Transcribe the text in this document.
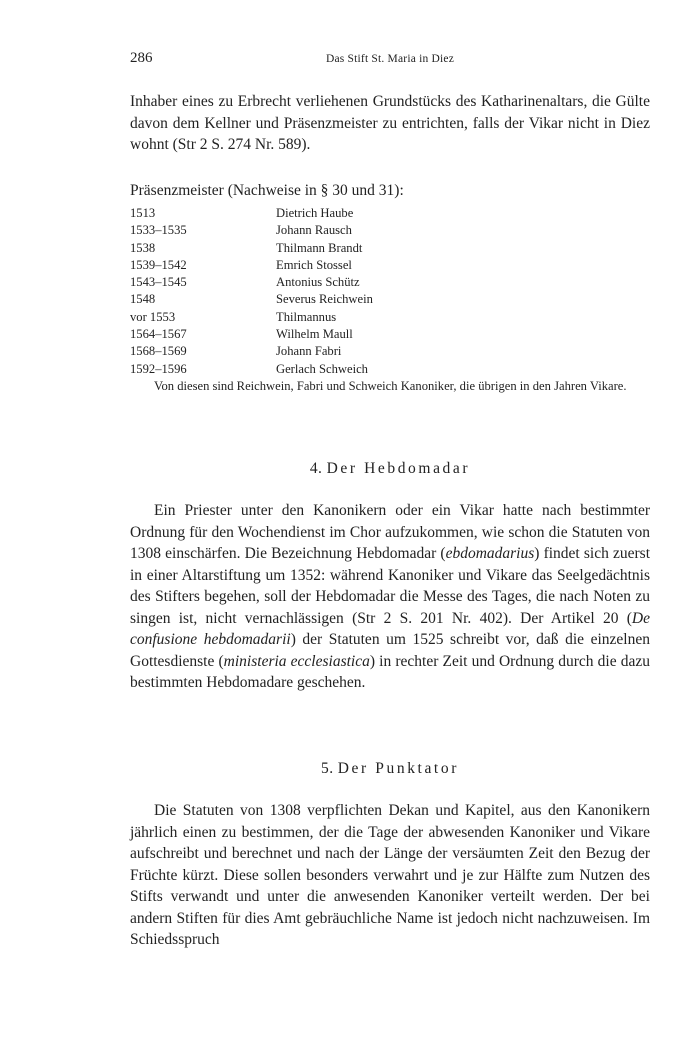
286	Das Stift St. Maria in Diez

Inhaber eines zu Erbrecht verliehenen Grundstücks des Katharinenaltars, die Gülte davon dem Kellner und Präsenzmeister zu entrichten, falls der Vikar nicht in Diez wohnt (Str 2 S. 274 Nr. 589).

Präsenzmeister (Nachweise in § 30 und 31):
1513	Dietrich Haube
1533–1535	Johann Rausch
1538	Thilmann Brandt
1539–1542	Emrich Stossel
1543–1545	Antonius Schütz
1548	Severus Reichwein
vor 1553	Thilmannus
1564–1567	Wilhelm Maull
1568–1569	Johann Fabri
1592–1596	Gerlach Schweich
Von diesen sind Reichwein, Fabri und Schweich Kanoniker, die übrigen in den Jahren Vikare.
4. Der Hebdomadar

Ein Priester unter den Kanonikern oder ein Vikar hatte nach bestimmter Ordnung für den Wochendienst im Chor aufzukommen, wie schon die Statuten von 1308 einschärfen. Die Bezeichnung Hebdomadar (ebdomadarius) findet sich zuerst in einer Altarstiftung um 1352: während Kanoniker und Vikare das Seelgedächtnis des Stifters begehen, soll der Hebdomadar die Messe des Tages, die nach Noten zu singen ist, nicht vernachlässigen (Str 2 S. 201 Nr. 402). Der Artikel 20 (De confusione hebdomadarii) der Statuten um 1525 schreibt vor, daß die einzelnen Gottesdienste (ministeria ecclesiastica) in rechter Zeit und Ordnung durch die dazu bestimmten Hebdomadare geschehen.

5. Der Punktator

Die Statuten von 1308 verpflichten Dekan und Kapitel, aus den Kanonikern jährlich einen zu bestimmen, der die Tage der abwesenden Kanoniker und Vikare aufschreibt und berechnet und nach der Länge der versäumten Zeit den Bezug der Früchte kürzt. Diese sollen besonders verwahrt und je zur Hälfte zum Nutzen des Stifts verwandt und unter die anwesenden Kanoniker verteilt werden. Der bei andern Stiften für dies Amt gebräuchliche Name ist jedoch nicht nachzuweisen. Im Schiedsspruch
